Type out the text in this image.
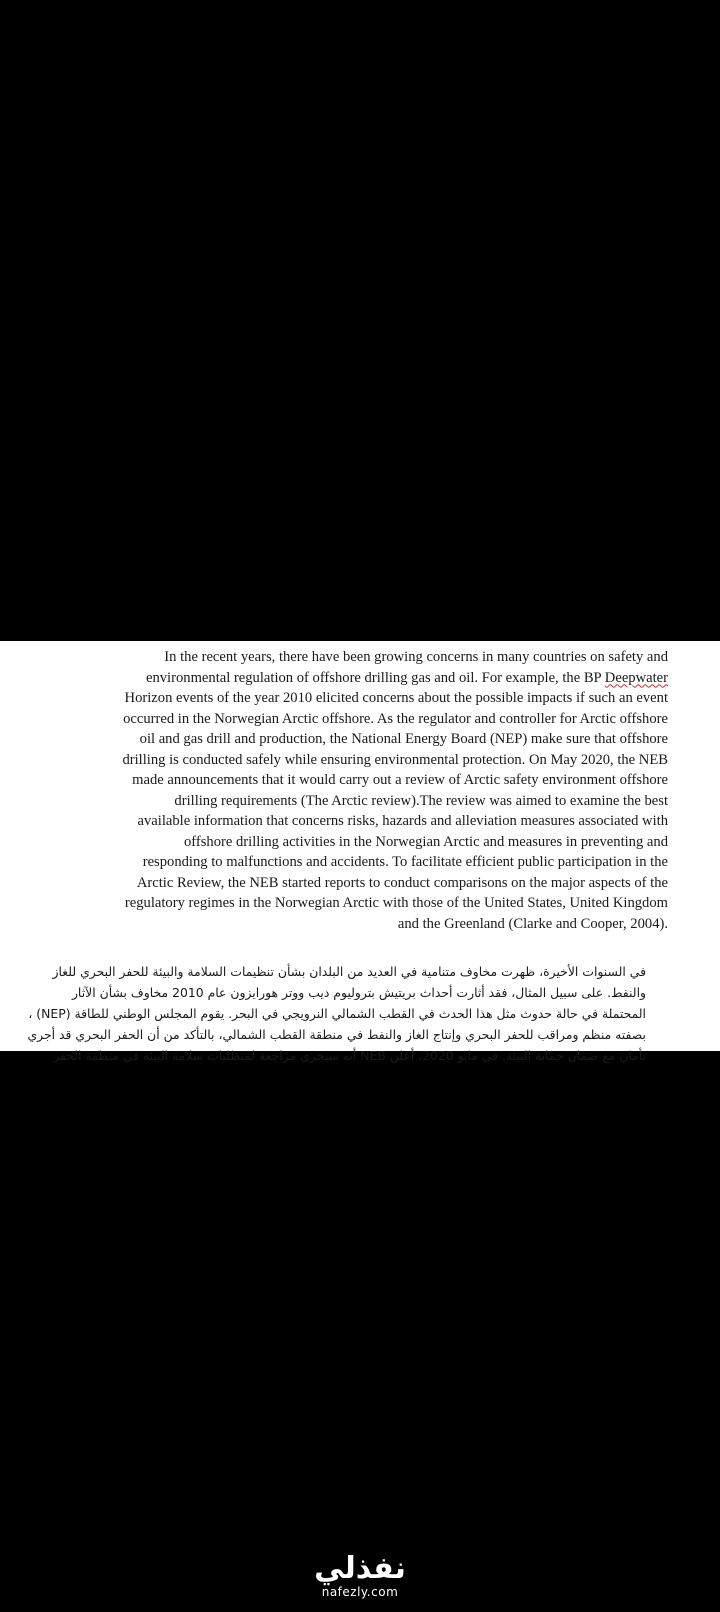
In the recent years, there have been growing concerns in many countries on safety and
environmental regulation of offshore drilling gas and oil. For example, the BP Deepwater
Horizon events of the year 2010 elicited concerns about the possible impacts if such an event
occurred in the Norwegian Arctic offshore. As the regulator and controller for Arctic offshore
oil and gas drill and production, the National Energy Board (NEP) make sure that offshore
drilling is conducted safely while ensuring environmental protection. On May 2020, the NEB
made announcements that it would carry out a review of Arctic safety environment offshore
drilling requirements (The Arctic review).The review was aimed to examine the best
available information that concerns risks, hazards and alleviation measures associated with
offshore drilling activities in the Norwegian Arctic and measures in preventing and
responding to malfunctions and accidents. To facilitate efficient public participation in the
Arctic Review, the NEB started reports to conduct comparisons on the major aspects of the
regulatory regimes in the Norwegian Arctic with those of the United States, United Kingdom
and the Greenland (Clarke and Cooper, 2004).
في السنوات الأخيرة، ظهرت مخاوف متنامية في العديد من البلدان بشأن تنظيمات السلامة والبيئة للحفر البحري للغاز
والنفط. على سبيل المثال، فقد أثارت أحداث بريتيش بتروليوم ديب ووتر هورايزون عام 2010 مخاوف بشأن الآثار
المحتملة في حالة حدوث مثل هذا الحدث في القطب الشمالي النرويجي في البحر. يقوم المجلس الوطني للطاقة (NEP) ،
بصفته منظم ومراقب للحفر البحري وإنتاج الغاز والنفط في منطقة القطب الشمالي، بالتأكد من أن الحفر البحري قد أجري
بأمان مع ضمان حماية البيئة. في مايو 2020، أعلن NEB أنه سيجري مراجعة لمتطلبات سلامة البيئة في منطقة الحفر
نفذلي
nafezly.com
